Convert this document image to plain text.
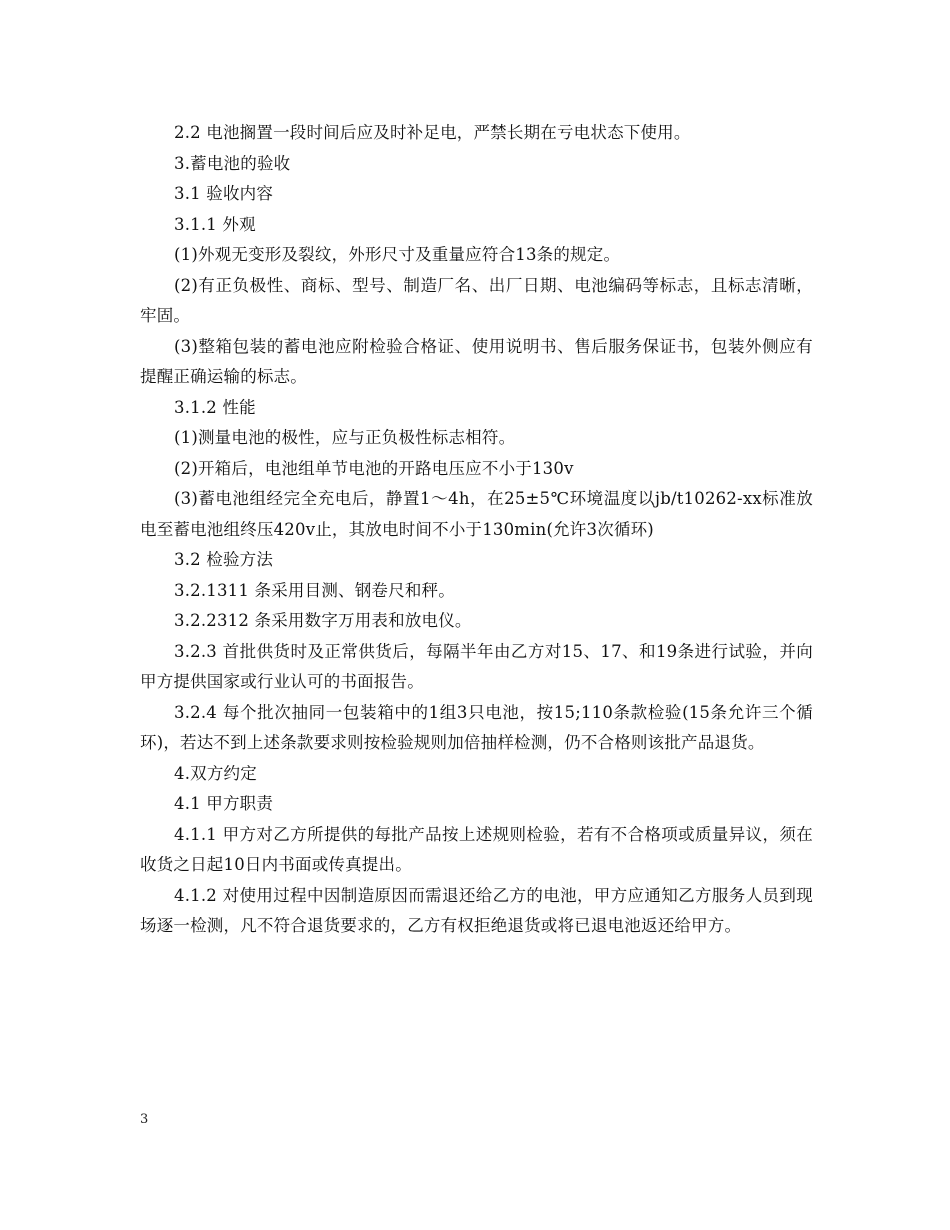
2.2 电池搁置一段时间后应及时补足电，严禁长期在亏电状态下使用。

3.蓄电池的验收

3.1 验收内容

3.1.1 外观

(1)外观无变形及裂纹，外形尺寸及重量应符合13条的规定。

(2)有正负极性、商标、型号、制造厂名、出厂日期、电池编码等标志，且标志清晰，牢固。

(3)整箱包装的蓄电池应附检验合格证、使用说明书、售后服务保证书，包装外侧应有提醒正确运输的标志。

3.1.2 性能

(1)测量电池的极性，应与正负极性标志相符。

(2)开箱后，电池组单节电池的开路电压应不小于130v

(3)蓄电池组经完全充电后，静置1～4h，在25±5℃环境温度以jb/t10262-xx标准放电至蓄电池组终压420v止，其放电时间不小于130min(允许3次循环)

3.2 检验方法

3.2.1311 条采用目测、钢卷尺和秤。

3.2.2312 条采用数字万用表和放电仪。

3.2.3 首批供货时及正常供货后，每隔半年由乙方对15、17、和19条进行试验，并向甲方提供国家或行业认可的书面报告。

3.2.4 每个批次抽同一包装箱中的1组3只电池，按15;110条款检验(15条允许三个循环)，若达不到上述条款要求则按检验规则加倍抽样检测，仍不合格则该批产品退货。

4.双方约定

4.1 甲方职责

4.1.1 甲方对乙方所提供的每批产品按上述规则检验，若有不合格项或质量异议，须在收货之日起10日内书面或传真提出。

4.1.2 对使用过程中因制造原因而需退还给乙方的电池，甲方应通知乙方服务人员到现场逐一检测，凡不符合退货要求的，乙方有权拒绝退货或将已退电池返还给甲方。

3
